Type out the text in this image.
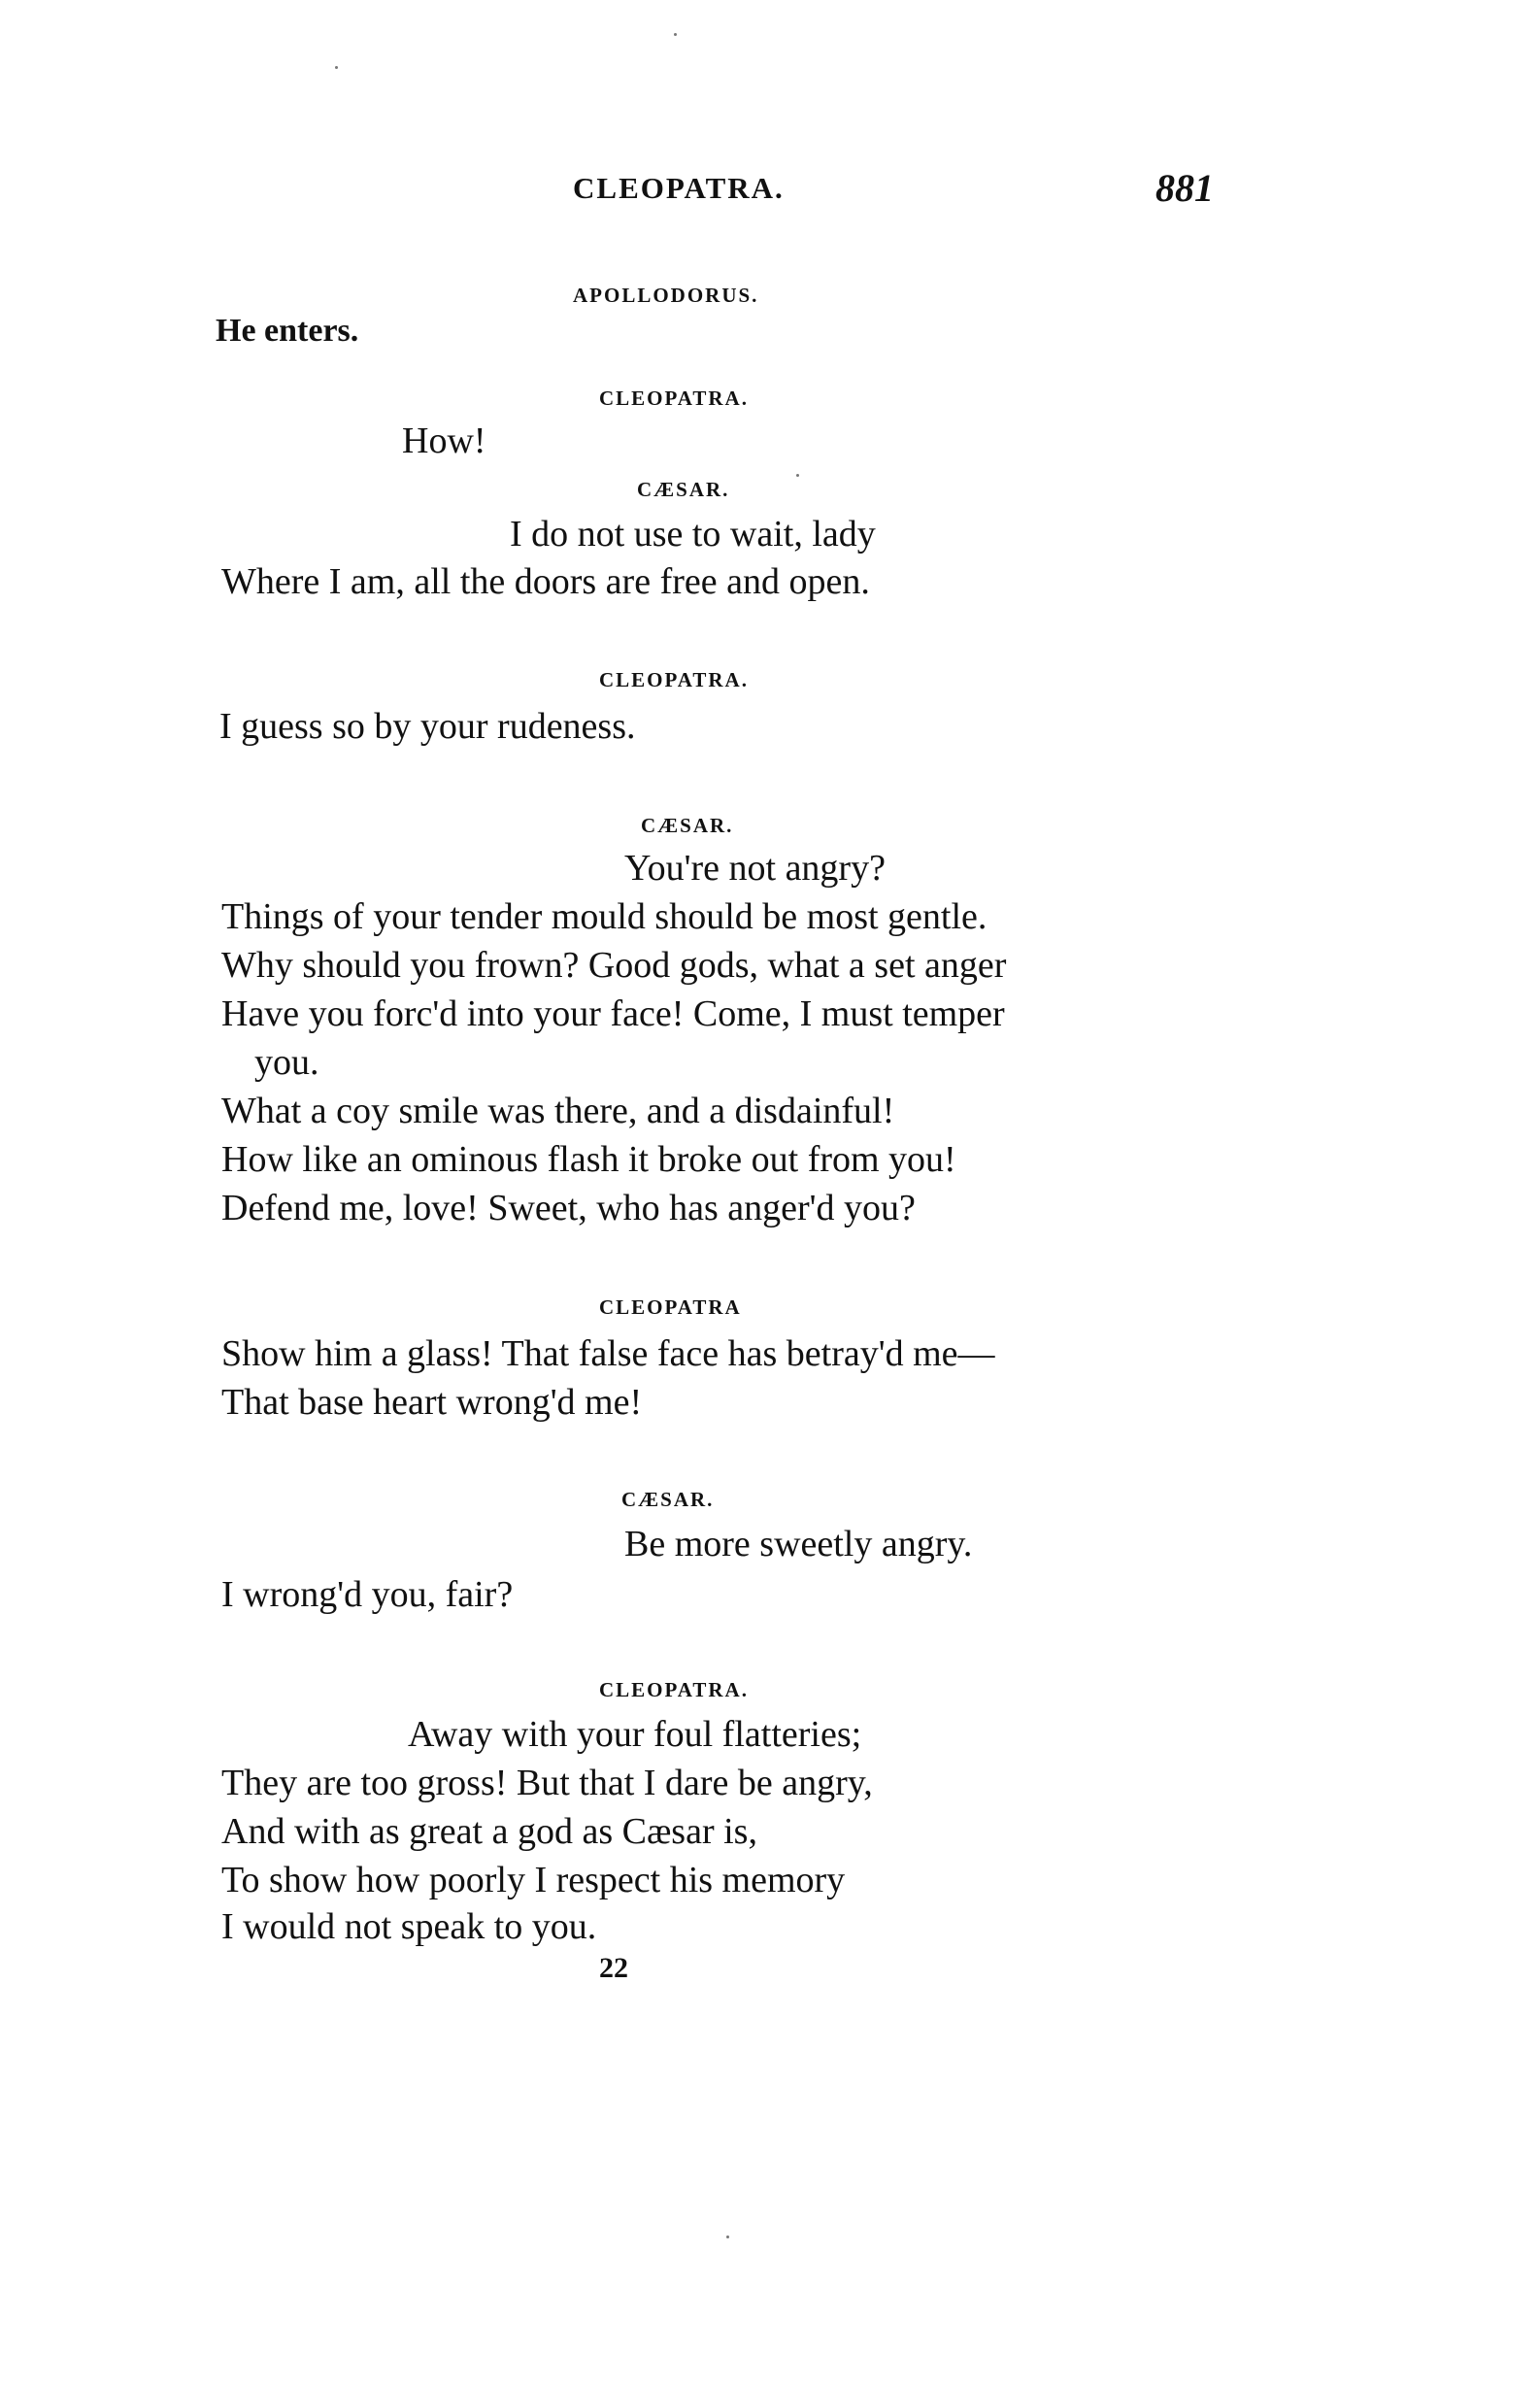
CLEOPATRA.	881
APOLLODORUS.
He enters.
CLEOPATRA.
How!
CÆSAR.
I do not use to wait, lady
Where I am, all the doors are free and open.
CLEOPATRA.
I guess so by your rudeness.
CÆSAR.
You're not angry?
Things of your tender mould should be most gentle.
Why should you frown? Good gods, what a set anger
Have you forc'd into your face! Come, I must temper
you.
What a coy smile was there, and a disdainful!
How like an ominous flash it broke out from you!
Defend me, love! Sweet, who has anger'd you?
CLEOPATRA
Show him a glass! That false face has betray'd me—
That base heart wrong'd me!
CÆSAR.
Be more sweetly angry.
I wrong'd you, fair?
CLEOPATRA.
Away with your foul flatteries;
They are too gross! But that I dare be angry,
And with as great a god as Cæsar is,
To show how poorly I respect his memory
I would not speak to you.
22
